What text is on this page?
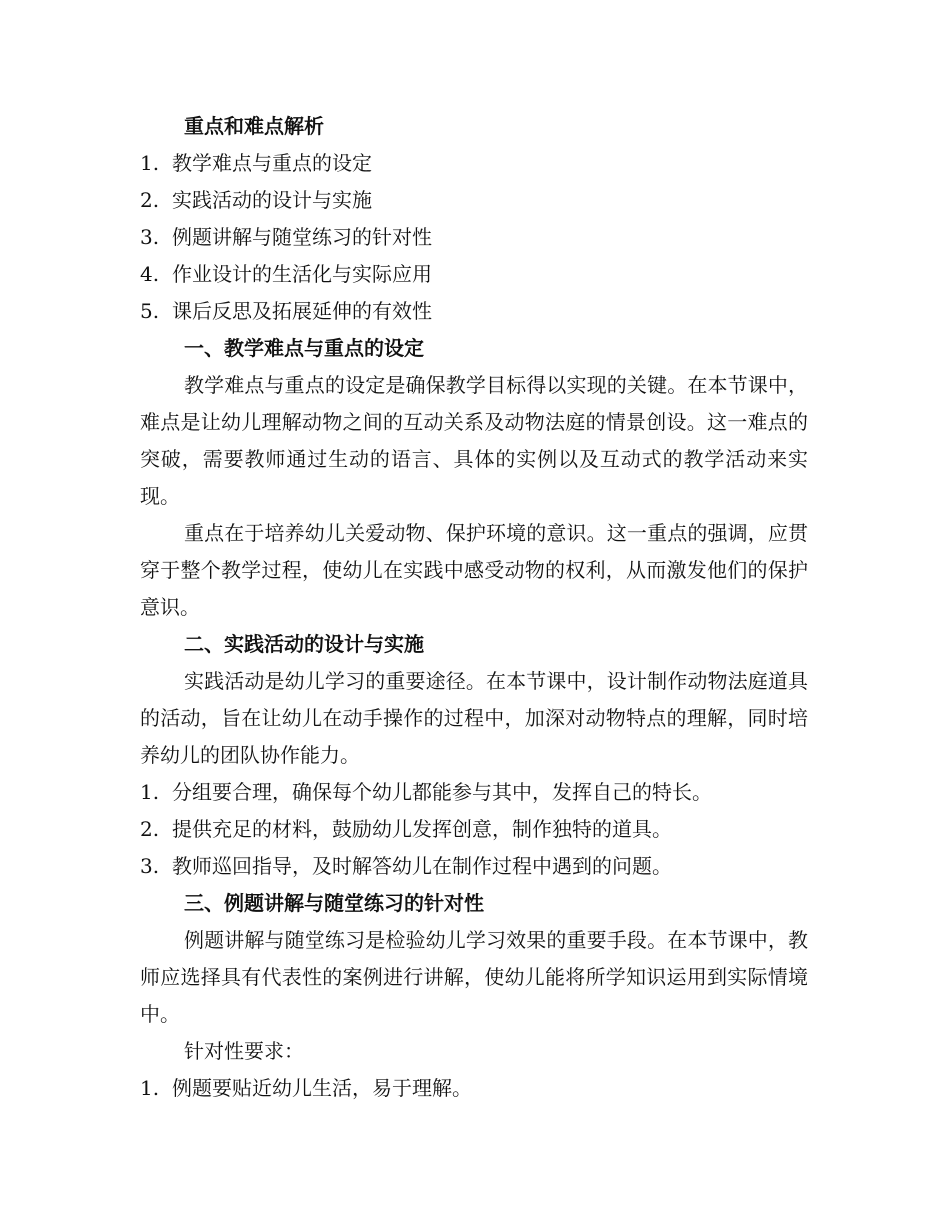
重点和难点解析

1. 教学难点与重点的设定

2. 实践活动的设计与实施

3. 例题讲解与随堂练习的针对性

4. 作业设计的生活化与实际应用

5. 课后反思及拓展延伸的有效性

一、教学难点与重点的设定

教学难点与重点的设定是确保教学目标得以实现的关键。在本节课中，难点是让幼儿理解动物之间的互动关系及动物法庭的情景创设。这一难点的突破，需要教师通过生动的语言、具体的实例以及互动式的教学活动来实现。

重点在于培养幼儿关爱动物、保护环境的意识。这一重点的强调，应贯穿于整个教学过程，使幼儿在实践中感受动物的权利，从而激发他们的保护意识。

二、实践活动的设计与实施

实践活动是幼儿学习的重要途径。在本节课中，设计制作动物法庭道具的活动，旨在让幼儿在动手操作的过程中，加深对动物特点的理解，同时培养幼儿的团队协作能力。

1. 分组要合理，确保每个幼儿都能参与其中，发挥自己的特长。

2. 提供充足的材料，鼓励幼儿发挥创意，制作独特的道具。

3. 教师巡回指导，及时解答幼儿在制作过程中遇到的问题。

三、例题讲解与随堂练习的针对性

例题讲解与随堂练习是检验幼儿学习效果的重要手段。在本节课中，教师应选择具有代表性的案例进行讲解，使幼儿能将所学知识运用到实际情境中。

针对性要求：

1. 例题要贴近幼儿生活，易于理解。
